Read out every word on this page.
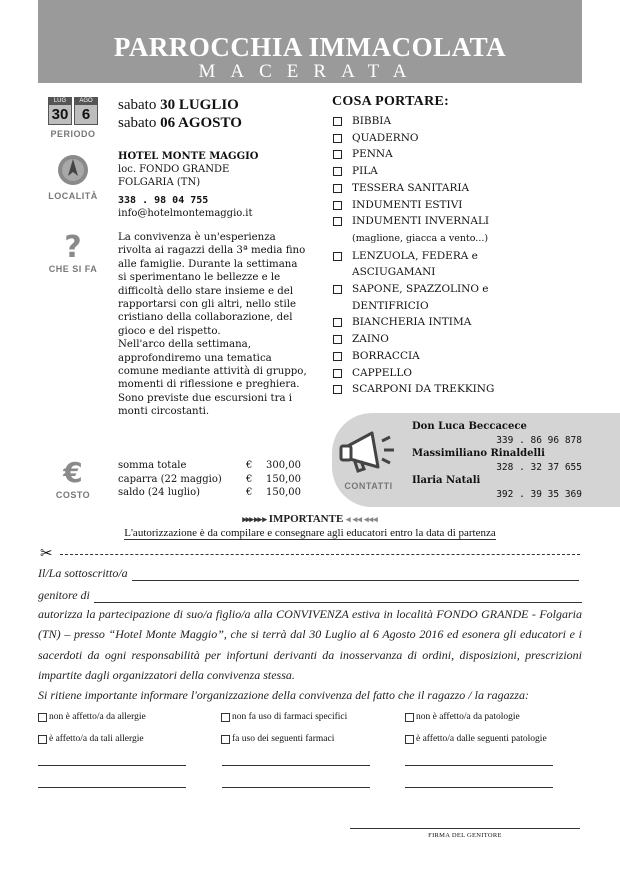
PARROCCHIA IMMACOLATA
MACERATA
LUG
30
AGO
6
PERIODO
sabato 30 LUGLIO
sabato 06 AGOSTO
LOCALITÀ
HOTEL MONTE MAGGIO
loc. FONDO GRANDE
FOLGARIA (TN)
338 . 98 04 755
info@hotelmontemaggio.it
?
CHE SI FA
La convivenza è un'esperienza rivolta ai ragazzi della 3ª media fino alle famiglie. Durante la settimana si sperimentano le bellezze e le difficoltà dello stare insieme e del rapportarsi con gli altri, nello stile cristiano della collaborazione, del gioco e del rispetto.
Nell'arco della settimana, approfondiremo una tematica comune mediante attività di gruppo, momenti di riflessione e preghiera. Sono previste due escursioni tra i monti circostanti.
€
COSTO
somma totale	€	300,00
caparra (22 maggio)	€	150,00
saldo (24 luglio)	€	150,00
COSA PORTARE:
BIBBIA
QUADERNO
PENNA
PILA
TESSERA SANITARIA
INDUMENTI ESTIVI
INDUMENTI INVERNALI
(maglione, giacca a vento...)
LENZUOLA, FEDERA e ASCIUGAMANI
SAPONE, SPAZZOLINO e DENTIFRICIO
BIANCHERIA INTIMA
ZAINO
BORRACCIA
CAPPELLO
SCARPONI DA TREKKING
CONTATTI
Don Luca Beccacece
339 . 86 96 878
Massimiliano Rinaldelli
328 . 32 37 655
Ilaria Natali
392 . 39 35 369
▸▸▸ ▸▸ ▸ IMPORTANTE ◂ ◂◂ ◂◂◂
L'autorizzazione è da compilare e consegnare agli educatori entro la data di partenza
✂
Il/La sottoscritto/a
genitore di
autorizza la partecipazione di suo/a figlio/a alla CONVIVENZA estiva in località FONDO GRANDE - Folgaria (TN) – presso “Hotel Monte Maggio”, che si terrà dal 30 Luglio al 6 Agosto 2016 ed esonera gli educatori e i sacerdoti da ogni responsabilità per infortuni derivanti da inosservanza di ordini, disposizioni, prescrizioni impartite dagli organizzatori della convivenza stessa.
Si ritiene importante informare l'organizzazione della convivenza del fatto che il ragazzo / la ragazza:
non è affetto/a da allergie	non fa uso di farmaci specifici	non è affetto/a da patologie
è affetto/a da tali allergie	fa uso dei seguenti farmaci	è affetto/a dalle seguenti patologie
FIRMA DEL GENITORE
